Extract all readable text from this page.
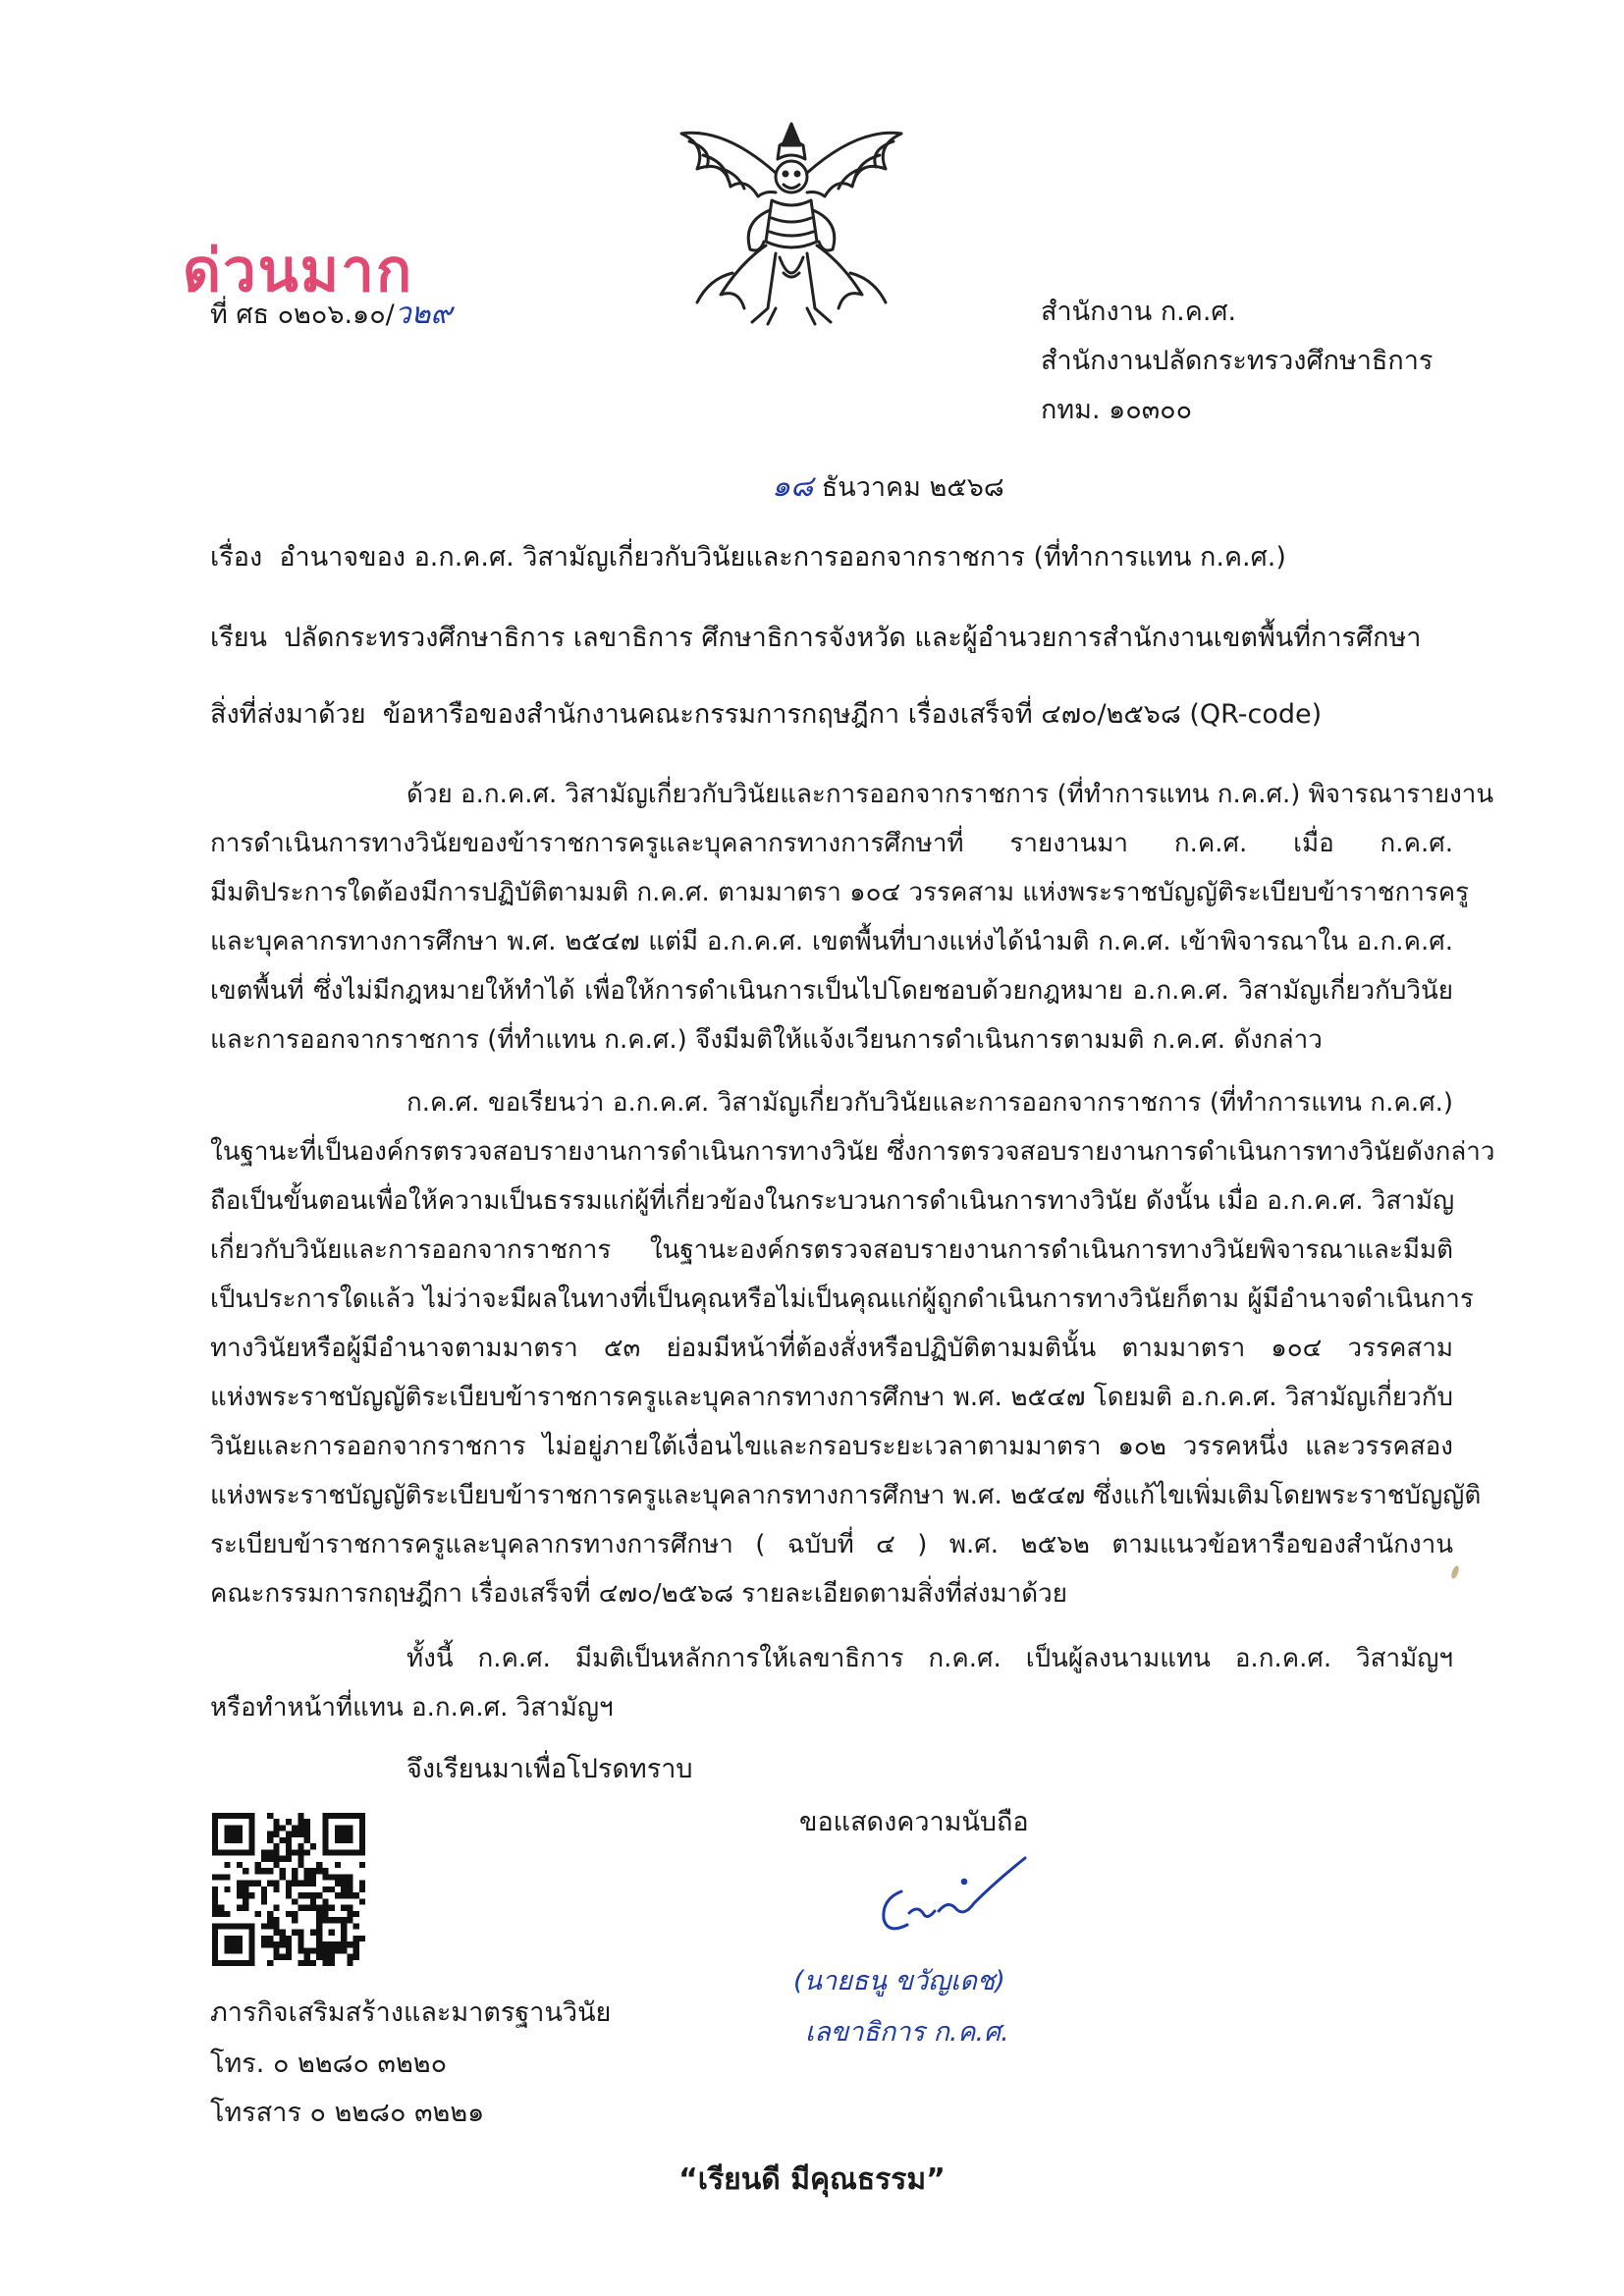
ด่วนมาก
ที่ ศธ ๐๒๐๖.๑๐/ว๒๙	สำนักงาน ก.ค.ศ.
สำนักงานปลัดกระทรวงศึกษาธิการ
กทม. ๑๐๓๐๐
๑๘ ธันวาคม ๒๕๖๘
เรื่อง อำนาจของ อ.ก.ค.ศ. วิสามัญเกี่ยวกับวินัยและการออกจากราชการ (ที่ทำการแทน ก.ค.ศ.)
เรียน ปลัดกระทรวงศึกษาธิการ เลขาธิการ ศึกษาธิการจังหวัด และผู้อำนวยการสำนักงานเขตพื้นที่การศึกษา
สิ่งที่ส่งมาด้วย ข้อหารือของสำนักงานคณะกรรมการกฤษฎีกา เรื่องเสร็จที่ ๔๗๐/๒๕๖๘ (QR-code)
ด้วย อ.ก.ค.ศ. วิสามัญเกี่ยวกับวินัยและการออกจากราชการ (ที่ทำการแทน ก.ค.ศ.) พิจารณารายงาน
การดำเนินการทางวินัยของข้าราชการครูและบุคลากรทางการศึกษาที่ รายงานมา ก.ค.ศ. เมื่อ ก.ค.ศ.
มีมติประการใดต้องมีการปฏิบัติตามมติ ก.ค.ศ. ตามมาตรา ๑๐๔ วรรคสาม แห่งพระราชบัญญัติระเบียบข้าราชการครู
และบุคลากรทางการศึกษา พ.ศ. ๒๕๔๗ แต่มี อ.ก.ค.ศ. เขตพื้นที่บางแห่งได้นำมติ ก.ค.ศ. เข้าพิจารณาใน อ.ก.ค.ศ.
เขตพื้นที่ ซึ่งไม่มีกฎหมายให้ทำได้ เพื่อให้การดำเนินการเป็นไปโดยชอบด้วยกฎหมาย อ.ก.ค.ศ. วิสามัญเกี่ยวกับวินัย
และการออกจากราชการ (ที่ทำแทน ก.ค.ศ.) จึงมีมติให้แจ้งเวียนการดำเนินการตามมติ ก.ค.ศ. ดังกล่าว
ก.ค.ศ. ขอเรียนว่า อ.ก.ค.ศ. วิสามัญเกี่ยวกับวินัยและการออกจากราชการ (ที่ทำการแทน ก.ค.ศ.)
ในฐานะที่เป็นองค์กรตรวจสอบรายงานการดำเนินการทางวินัย ซึ่งการตรวจสอบรายงานการดำเนินการทางวินัยดังกล่าว
ถือเป็นขั้นตอนเพื่อให้ความเป็นธรรมแก่ผู้ที่เกี่ยวข้องในกระบวนการดำเนินการทางวินัย ดังนั้น เมื่อ อ.ก.ค.ศ. วิสามัญ
เกี่ยวกับวินัยและการออกจากราชการ ในฐานะองค์กรตรวจสอบรายงานการดำเนินการทางวินัยพิจารณาและมีมติ
เป็นประการใดแล้ว ไม่ว่าจะมีผลในทางที่เป็นคุณหรือไม่เป็นคุณแก่ผู้ถูกดำเนินการทางวินัยก็ตาม ผู้มีอำนาจดำเนินการ
ทางวินัยหรือผู้มีอำนาจตามมาตรา ๕๓ ย่อมมีหน้าที่ต้องสั่งหรือปฏิบัติตามมตินั้น ตามมาตรา ๑๐๔ วรรคสาม
แห่งพระราชบัญญัติระเบียบข้าราชการครูและบุคลากรทางการศึกษา พ.ศ. ๒๕๔๗ โดยมติ อ.ก.ค.ศ. วิสามัญเกี่ยวกับ
วินัยและการออกจากราชการ ไม่อยู่ภายใต้เงื่อนไขและกรอบระยะเวลาตามมาตรา ๑๐๒ วรรคหนึ่ง และวรรคสอง
แห่งพระราชบัญญัติระเบียบข้าราชการครูและบุคลากรทางการศึกษา พ.ศ. ๒๕๔๗ ซึ่งแก้ไขเพิ่มเติมโดยพระราชบัญญัติ
ระเบียบข้าราชการครูและบุคลากรทางการศึกษา ( ฉบับที่ ๔ ) พ.ศ. ๒๕๖๒ ตามแนวข้อหารือของสำนักงาน
คณะกรรมการกฤษฎีกา เรื่องเสร็จที่ ๔๗๐/๒๕๖๘ รายละเอียดตามสิ่งที่ส่งมาด้วย
ทั้งนี้ ก.ค.ศ. มีมติเป็นหลักการให้เลขาธิการ ก.ค.ศ. เป็นผู้ลงนามแทน อ.ก.ค.ศ. วิสามัญฯ
หรือทำหน้าที่แทน อ.ก.ค.ศ. วิสามัญฯ
จึงเรียนมาเพื่อโปรดทราบ
ขอแสดงความนับถือ
(นายธนู ขวัญเดช)
เลขาธิการ ก.ค.ศ.
ภารกิจเสริมสร้างและมาตรฐานวินัย
โทร. ๐ ๒๒๘๐ ๓๒๒๐
โทรสาร ๐ ๒๒๘๐ ๓๒๒๑
“เรียนดี มีคุณธรรม”
